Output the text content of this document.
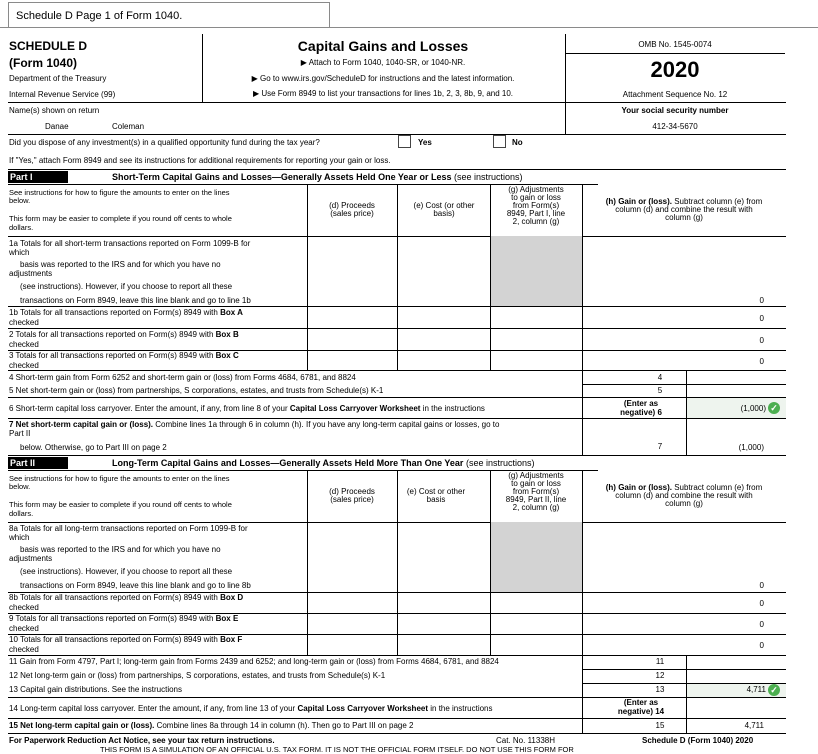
Schedule D Page 1 of Form 1040.
SCHEDULE D
(Form 1040)
Department of the Treasury
Internal Revenue Service (99)
Capital Gains and Losses
▶ Attach to Form 1040, 1040-SR, or 1040-NR.
▶ Go to www.irs.gov/ScheduleD for instructions and the latest information.
▶ Use Form 8949 to list your transactions for lines 1b, 2, 3, 8b, 9, and 10.
OMB No. 1545-0074
2020
Attachment Sequence No. 12
Name(s) shown on return
Danae	Coleman
Your social security number
412-34-5670
Did you dispose of any investment(s) in a qualified opportunity fund during the tax year?	Yes	No
If "Yes," attach Form 8949 and see its instructions for additional requirements for reporting your gain or loss.
Part I	Short-Term Capital Gains and Losses—Generally Assets Held One Year or Less (see instructions)
See instructions for how to figure the amounts to enter on the lines
below.
This form may be easier to complete if you round off cents to whole
dollars.
(d) Proceeds
(sales price)
(e) Cost (or other
basis)
(g) Adjustments
to gain or loss
from Form(s)
8949, Part I, line
2, column (g)
(h) Gain or (loss). Subtract column (e) from
column (d) and combine the result with
column (g)
1a Totals for all short-term transactions reported on Form 1099-B for
which
basis was reported to the IRS and for which you have no
adjustments
(see instructions). However, if you choose to report all these
transactions on Form 8949, leave this line blank and go to line 1b	0
1b Totals for all transactions reported on Form(s) 8949 with Box A
checked	0
2 Totals for all transactions reported on Form(s) 8949 with Box B
checked	0
3 Totals for all transactions reported on Form(s) 8949 with Box C
checked	0
4 Short-term gain from Form 6252 and short-term gain or (loss) from Forms 4684, 6781, and 8824	4
5 Net short-term gain or (loss) from partnerships, S corporations, estates, and trusts from Schedule(s) K-1	5
6 Short-term capital loss carryover. Enter the amount, if any, from line 8 of your Capital Loss Carryover Worksheet in the instructions
(Enter as
negative) 6	(1,000) ✓
7 Net short-term capital gain or (loss). Combine lines 1a through 6 in column (h). If you have any long-term capital gains or losses, go to
Part II
below. Otherwise, go to Part III on page 2	7	(1,000)
Part II	Long-Term Capital Gains and Losses—Generally Assets Held More Than One Year (see instructions)
See instructions for how to figure the amounts to enter on the lines
below.
This form may be easier to complete if you round off cents to whole
dollars.
(d) Proceeds
(sales price)
(e) Cost or other
basis
(g) Adjustments
to gain or loss
from Form(s)
8949, Part II, line
2, column (g)
(h) Gain or (loss). Subtract column (e) from
column (d) and combine the result with
column (g)
8a Totals for all long-term transactions reported on Form 1099-B for
which
basis was reported to the IRS and for which you have no
adjustments
(see instructions). However, if you choose to report all these
transactions on Form 8949, leave this line blank and go to line 8b	0
8b Totals for all transactions reported on Form(s) 8949 with Box D
checked	0
9 Totals for all transactions reported on Form(s) 8949 with Box E
checked	0
10 Totals for all transactions reported on Form(s) 8949 with Box F
checked	0
11 Gain from Form 4797, Part I; long-term gain from Forms 2439 and 6252; and long-term gain or (loss) from Forms 4684, 6781, and 8824	11
12 Net long-term gain or (loss) from partnerships, S corporations, estates, and trusts from Schedule(s) K-1	12
13 Capital gain distributions. See the instructions	13	4,711 ✓
14 Long-term capital loss carryover. Enter the amount, if any, from line 13 of your Capital Loss Carryover Worksheet in the instructions
(Enter as
negative) 14
15 Net long-term capital gain or (loss). Combine lines 8a through 14 in column (h). Then go to Part III on page 2	15	4,711
For Paperwork Reduction Act Notice, see your tax return instructions.	Cat. No. 11338H	Schedule D (Form 1040) 2020
THIS FORM IS A SIMULATION OF AN OFFICIAL U.S. TAX FORM. IT IS NOT THE OFFICIAL FORM ITSELF. DO NOT USE THIS FORM FOR
